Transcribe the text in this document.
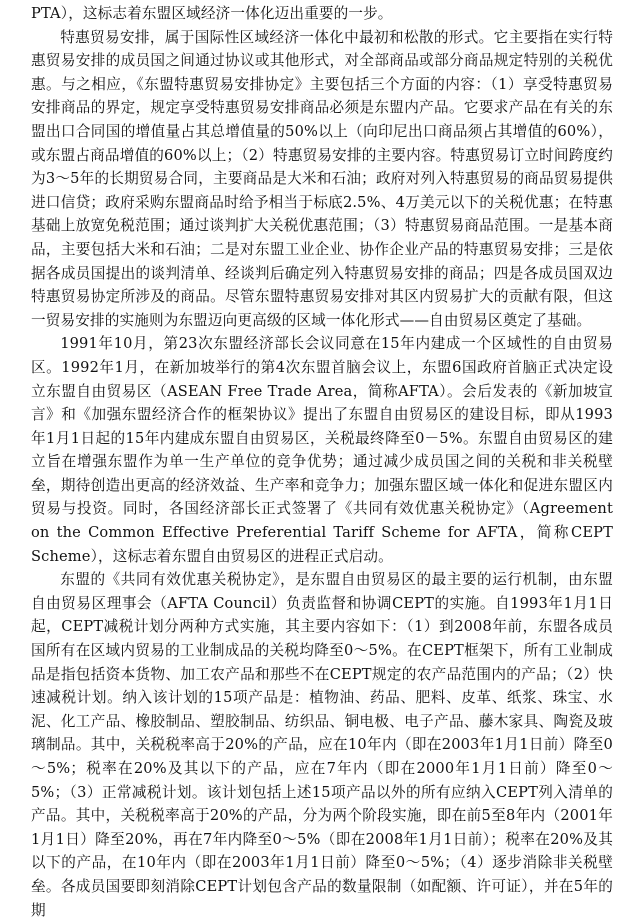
PTA），这标志着东盟区域经济一体化迈出重要的一步。

特惠贸易安排，属于国际性区域经济一体化中最初和松散的形式。它主要指在实行特惠贸易安排的成员国之间通过协议或其他形式，对全部商品或部分商品规定特别的关税优惠。与之相应，《东盟特惠贸易安排协定》主要包括三个方面的内容：（1）享受特惠贸易安排商品的界定，规定享受特惠贸易安排商品必须是东盟内产品。它要求产品在有关的东盟出口合同国的增值量占其总增值量的50%以上（向印尼出口商品须占其增值的60%），或东盟占商品增值的60%以上；（2）特惠贸易安排的主要内容。特惠贸易订立时间跨度约为3～5年的长期贸易合同，主要商品是大米和石油；政府对列入特惠贸易的商品贸易提供进口信贷；政府采购东盟商品时给予相当于标底2.5%、4万美元以下的关税优惠；在特惠基础上放宽免税范围；通过谈判扩大关税优惠范围；（3）特惠贸易商品范围。一是基本商品，主要包括大米和石油；二是对东盟工业企业、协作企业产品的特惠贸易安排；三是依据各成员国提出的谈判清单、经谈判后确定列入特惠贸易安排的商品；四是各成员国双边特惠贸易协定所涉及的商品。尽管东盟特惠贸易安排对其区内贸易扩大的贡献有限，但这一贸易安排的实施则为东盟迈向更高级的区域一体化形式——自由贸易区奠定了基础。

1991年10月，第23次东盟经济部长会议同意在15年内建成一个区域性的自由贸易区。1992年1月，在新加坡举行的第4次东盟首脑会议上，东盟6国政府首脑正式决定设立东盟自由贸易区（ASEAN Free Trade Area，简称AFTA）。会后发表的《新加坡宣言》和《加强东盟经济合作的框架协议》提出了东盟自由贸易区的建设目标，即从1993年1月1日起的15年内建成东盟自由贸易区，关税最终降至0－5%。东盟自由贸易区的建立旨在增强东盟作为单一生产单位的竞争优势；通过减少成员国之间的关税和非关税壁垒，期待创造出更高的经济效益、生产率和竞争力；加强东盟区域一体化和促进东盟区内贸易与投资。同时，各国经济部长正式签署了《共同有效优惠关税协定》（Agreement on the Common Effective Preferential Tariff Scheme for AFTA，简称CEPT Scheme），这标志着东盟自由贸易区的进程正式启动。

东盟的《共同有效优惠关税协定》，是东盟自由贸易区的最主要的运行机制，由东盟自由贸易区理事会（AFTA Council）负责监督和协调CEPT的实施。自1993年1月1日起，CEPT减税计划分两种方式实施，其主要内容如下：（1）到2008年前，东盟各成员国所有在区域内贸易的工业制成品的关税均降至0～5%。在CEPT框架下，所有工业制成品是指包括资本货物、加工农产品和那些不在CEPT规定的农产品范围内的产品；（2）快速减税计划。纳入该计划的15项产品是：植物油、药品、肥料、皮革、纸浆、珠宝、水泥、化工产品、橡胶制品、塑胶制品、纺织品、铜电极、电子产品、藤木家具、陶瓷及玻璃制品。其中，关税税率高于20%的产品，应在10年内（即在2003年1月1日前）降至0～5%；税率在20%及其以下的产品，应在7年内（即在2000年1月1日前）降至0～5%；（3）正常减税计划。该计划包括上述15项产品以外的所有应纳入CEPT列入清单的产品。其中，关税税率高于20%的产品，分为两个阶段实施，即在前5至8年内（2001年1月1日）降至20%，再在7年内降至0～5%（即在2008年1月1日前）；税率在20%及其以下的产品，在10年内（即在2003年1月1日前）降至0～5%；（4）逐步消除非关税壁垒。各成员国要即刻消除CEPT计划包含产品的数量限制（如配额、许可证），并在5年的期
